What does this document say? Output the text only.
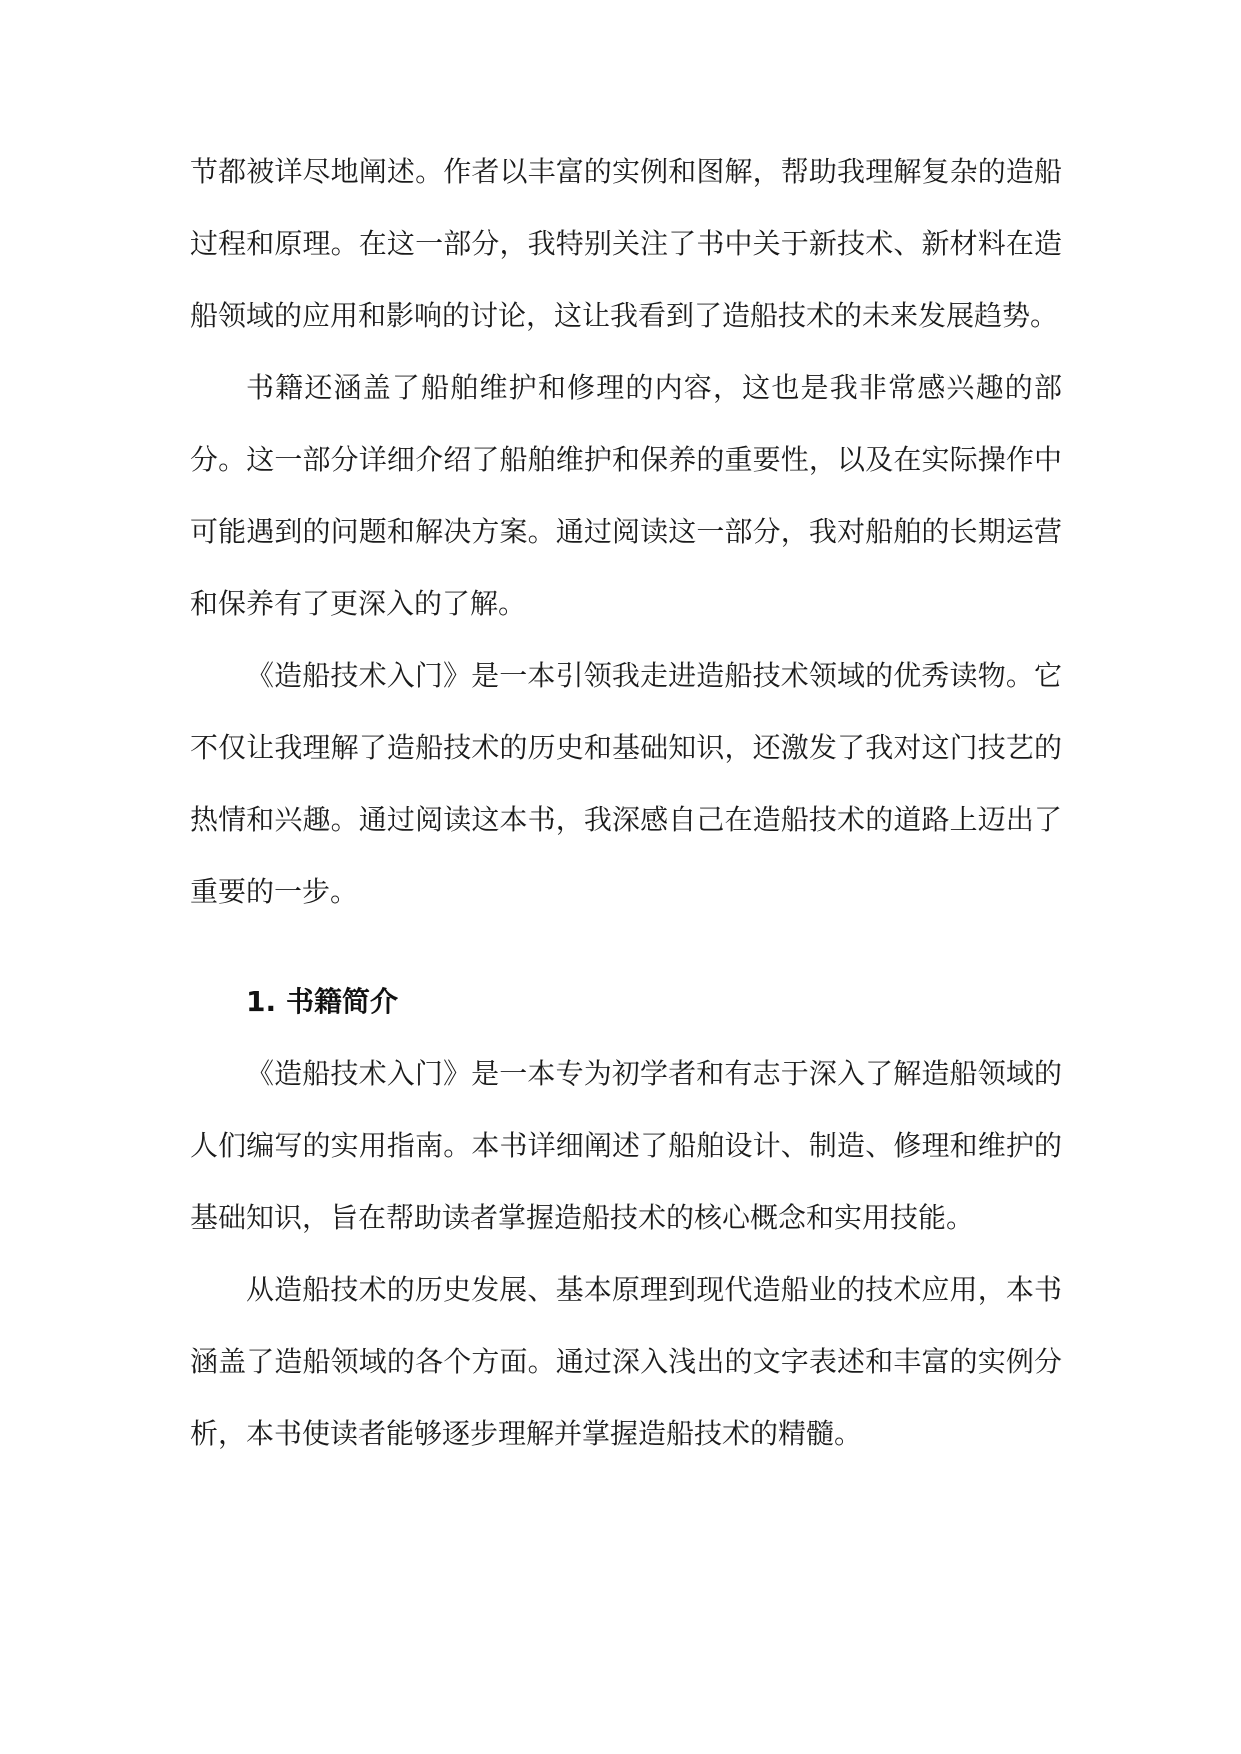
节都被详尽地阐述。作者以丰富的实例和图解，帮助我理解复杂的造船过程和原理。在这一部分，我特别关注了书中关于新技术、新材料在造船领域的应用和影响的讨论，这让我看到了造船技术的未来发展趋势。

书籍还涵盖了船舶维护和修理的内容，这也是我非常感兴趣的部分。这一部分详细介绍了船舶维护和保养的重要性，以及在实际操作中可能遇到的问题和解决方案。通过阅读这一部分，我对船舶的长期运营和保养有了更深入的了解。

《造船技术入门》是一本引领我走进造船技术领域的优秀读物。它不仅让我理解了造船技术的历史和基础知识，还激发了我对这门技艺的热情和兴趣。通过阅读这本书，我深感自己在造船技术的道路上迈出了重要的一步。

1. 书籍简介

《造船技术入门》是一本专为初学者和有志于深入了解造船领域的人们编写的实用指南。本书详细阐述了船舶设计、制造、修理和维护的基础知识，旨在帮助读者掌握造船技术的核心概念和实用技能。

从造船技术的历史发展、基本原理到现代造船业的技术应用，本书涵盖了造船领域的各个方面。通过深入浅出的文字表述和丰富的实例分析，本书使读者能够逐步理解并掌握造船技术的精髓。
